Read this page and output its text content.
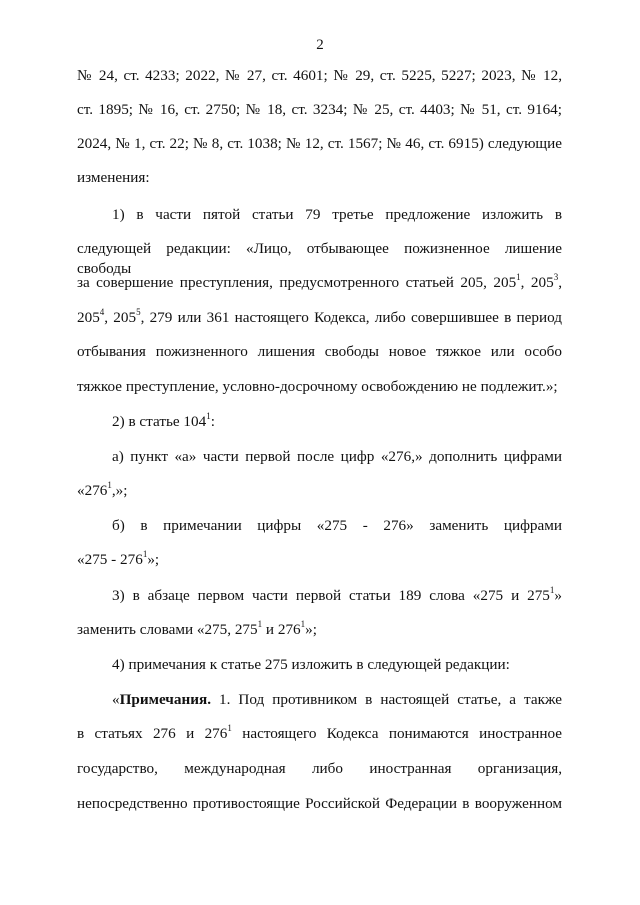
2
№ 24, ст. 4233; 2022, № 27, ст. 4601; № 29, ст. 5225, 5227; 2023, № 12,
ст. 1895; № 16, ст. 2750; № 18, ст. 3234; № 25, ст. 4403; № 51, ст. 9164;
2024, № 1, ст. 22; № 8, ст. 1038; № 12, ст. 1567; № 46, ст. 6915) следующие
изменения:
1) в части пятой статьи 79 третье предложение изложить в
следующей редакции: «Лицо, отбывающее пожизненное лишение свободы
за совершение преступления, предусмотренного статьей 205, $205^1$, $205^3$,
$205^4$, $205^5$, 279 или 361 настоящего Кодекса, либо совершившее в период
отбывания пожизненного лишения свободы новое тяжкое или особо
тяжкое преступление, условно-досрочному освобождению не подлежит.»;
2) в статье $104^1$:
а) пункт «а» части первой после цифр «276,» дополнить цифрами
«$276^1$,»;
б) в примечании цифры «275 - 276» заменить цифрами
«$275 - 276^1$»;
3) в абзаце первом части первой статьи 189 слова «275 и $275^1$»
заменить словами «275, $275^1$ и $276^1$»;
4) примечания к статье 275 изложить в следующей редакции:
«Примечания. 1. Под противником в настоящей статье, а также
в статьях 276 и $276^1$ настоящего Кодекса понимаются иностранное
государство, международная либо иностранная организация,
непосредственно противостоящие Российской Федерации в вооруженном
